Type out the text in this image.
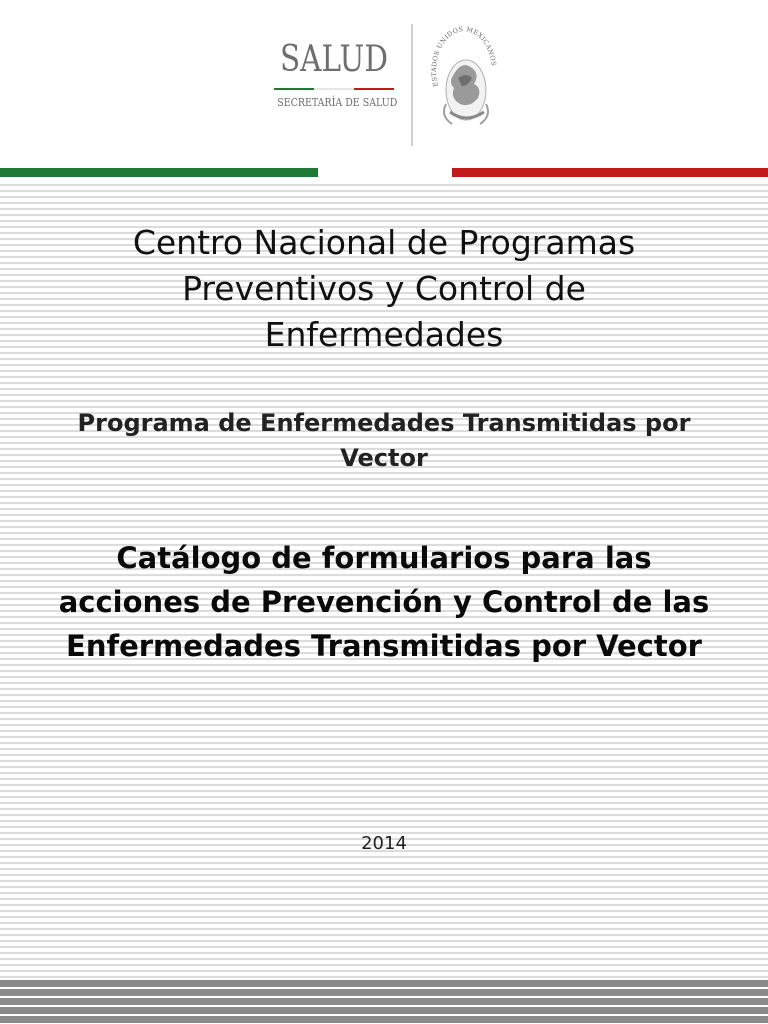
SALUD
SECRETARÍA DE SALUD
ESTADOS UNIDOS MEXICANOS
Centro Nacional de Programas Preventivos y Control de Enfermedades
Programa de Enfermedades Transmitidas por Vector
Catálogo de formularios para las acciones de Prevención y Control de las Enfermedades Transmitidas por Vector
2014
